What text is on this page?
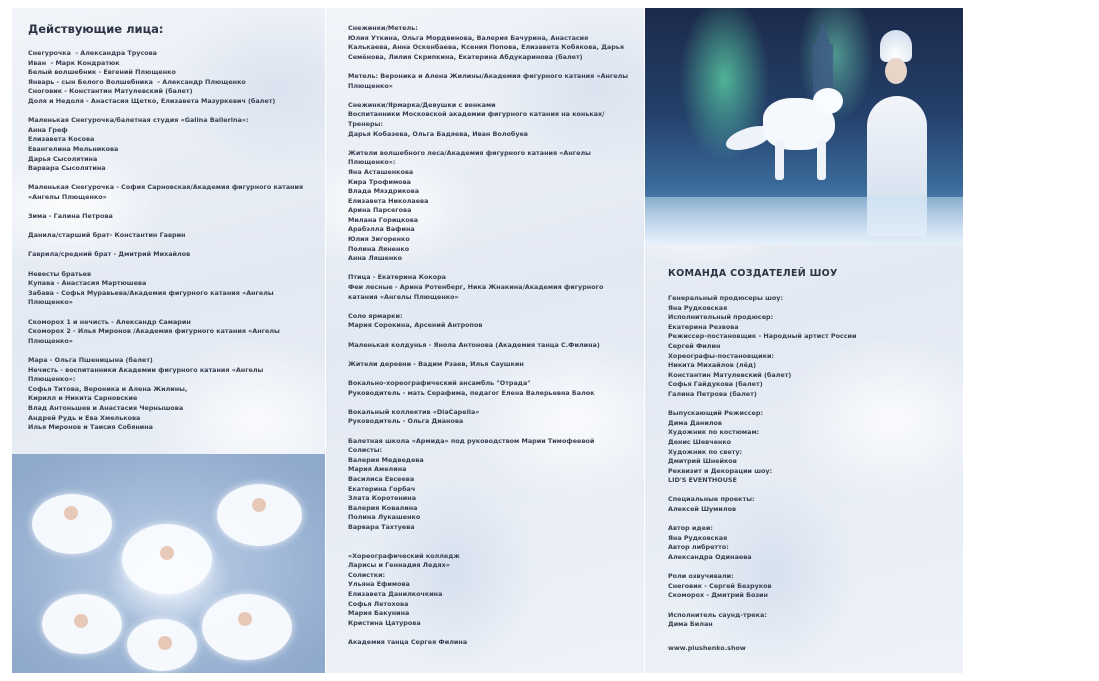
Действующие лица:
Снегурочка  - Александра Трусова
Иван  - Марк Кондратюк
Белый волшебник - Евгений Плющенко
Январь - сын Белого Волшебника  - Александр Плющенко
Сноговик - Константин Матулевский (балет)
Доля и Недоля - Анастасия Щетко, Елизавета Мазуркевич (балет)
Маленькая Снегурочка/балетная студия «Galina Ballerina»:
Анна Греф
Елизавета Косова
Евангелина Мельникова
Дарья Сысолятина
Варвара Сысолятина
Маленькая Снегурочка - София Сарновская/Академия фигурного катания
«Ангелы Плющенко»
Зима - Галина Петрова
Данила/старший брат- Константин Гаврин
Гаврила/средний брат - Дмитрий Михайлов
Невесты братьев
Купава - Анастасия Мартюшева
Забава - Софья Муравьева/Академия фигурного катания «Ангелы
Плющенко»
Скоморох 1 и нечисть - Александр Самарин
Скоморох 2 - Илья Миронов /Академия фигурного катания «Ангелы
Плющенко»
Мара - Ольга Пшеницына (балет)
Нечисть - воспитанники Академии фигурного катания «Ангелы
Плющенко»:
Софья Титова, Вероника и Алена Жилины,
Кирилл и Никита Сарновские
Влад Антоньшев и Анастасия Чернышова
Андрей Рудь и Ева Хмелькова
Илья Миронов и Таисия Собянина
Снежинки/Метель:
Юлия Уткина, Ольга Мордвинова, Валерия Бачурина, Анастасия
Калькаева, Анна Оскенбаева, Ксения Попова, Елизавета Кобякова, Дарья
Семёнова, Лилия Скрипкина, Екатерина Абдукаринова (балет)
Метель: Вероника и Алена Жилины/Академия фигурного катания «Ангелы
Плющенко»
Снежинки/Ярмарка/Девушки с венками
Воспитанники Московской академии фигурного катания на коньках/
Тренеры:
Дарья Кобазева, Ольга Бадяева, Иван Волобуев
Жители волшебного леса/Академия фигурного катания «Ангелы
Плющенко»:
Яна Асташенкова
Кира Трофимова
Влада Мяздрикова
Елизавета Николаева
Арина Парсегова
Милана Горицкова
Арабэлла Вафина
Юлия Зигоренко
Полина Ляненко
Анна Ляшенко
Птица - Екатерина Кокора
Феи лесные - Арина Ротенберг, Ника Жнакина/Академия фигурного
катания «Ангелы Плющенко»
Соло ярмарки:
Мария Сорокина, Арсений Антропов
Маленькая колдунья - Янола Антонова (Академия танца С.Филина)
Жители деревни - Вадим Рзаев, Илья Саушкин
Вокально-хореографический ансамбль "Отрада"
Руководитель - мать Серафима, педагог Елена Валерьевна Балок
Вокальный коллектив «DiaCapella»
Руководитель - Ольга Дианова
Балетная школа «Армида» под руководством Марии Тимофеевой
Солисты:
Валерия Медведева
Мария Амелина
Василиса Евсеева
Екатерина Горбач
Злата Коротенина
Валерия Ковалина
Полина Лукашенко
Варвара Тахтуева
«Хореографический колледж
Ларисы и Геннадия Ледях»
Солистки:
Ульяна Ефимова
Елизавета Данилкочкина
Софья Летохова
Мария Бакунина
Кристина Цатурова
Академия танца Сергея Филина
КОМАНДА СОЗДАТЕЛЕЙ ШОУ
Генеральный продюсеры шоу:
Яна Рудковская
Исполнительный продюсер:
Екатерина Резвова
Режиссер-постановщик - Народный артист России
Сергей Филин
Хореографы-постановщики:
Никита Михайлов (лёд)
Константин Матулевский (балет)
Софья Гайдукова (балет)
Галина Петрова (балет)
Выпускающий Режиссер:
Дима Данилов
Художник по костюмам:
Денис Шевченко
Художник по свету:
Дмитрий Шнейков
Реквизит и Декорации шоу:
LID'S EVENTHOUSE
Специальные проекты:
Алексей Шумилов
Автор идеи:
Яна Рудковская
Автор либретто:
Александра Одинаева
Роли озвучивали:
Снеговик - Сергей Безруков
Скоморох - Дмитрий Бозин
Исполнитель саунд-трека:
Дима Билан

www.plushenko.show
